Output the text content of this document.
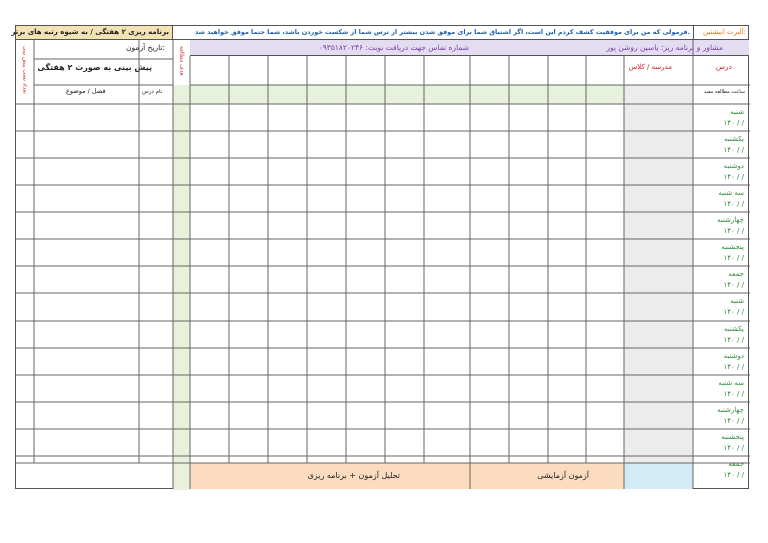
برنامه ریزی ۲ هفتگی / به شیوه رتبه های برتر	فرمولی که من برای موفقیت کشف کردم این است، اگر اشتیاق شما برای موفق شدن بیشتر از ترس شما از شکست خوردن باشد، شما حتما موفق خواهید شد. آلبرت انیشتین:
مشاور و برنامه ریز: یاسین روشن پور
شماره تماس جهت دریافت نوبت: ۰۹۳۵۱۸۲۰۲۴۶
تاریخ آزمون:
پیش بینی به صورت ۲ هفتگی
نام درس
فصل / موضوع
هدف مطالعه
تعداد تست پیش بینی	درس
مدرسه / کلاس
ساعت مطالعه مفید
شنبه
۱۴۰ / /
یکشنبه
۱۴۰ / /
دوشنبه
۱۴۰ / /
سه شنبه
۱۴۰ / /
چهارشنبه
۱۴۰ / /
پنجشنبه
۱۴۰ / /
جمعه
۱۴۰ / /
شنبه
۱۴۰ / /
یکشنبه
۱۴۰ / /
دوشنبه
۱۴۰ / /
سه شنبه
۱۴۰ / /
چهارشنبه
۱۴۰ / /
پنجشنبه
۱۴۰ / /
جمعه
۱۴۰ / /
آزمون آزمایشی
تحلیل آزمون + برنامه ریزی
